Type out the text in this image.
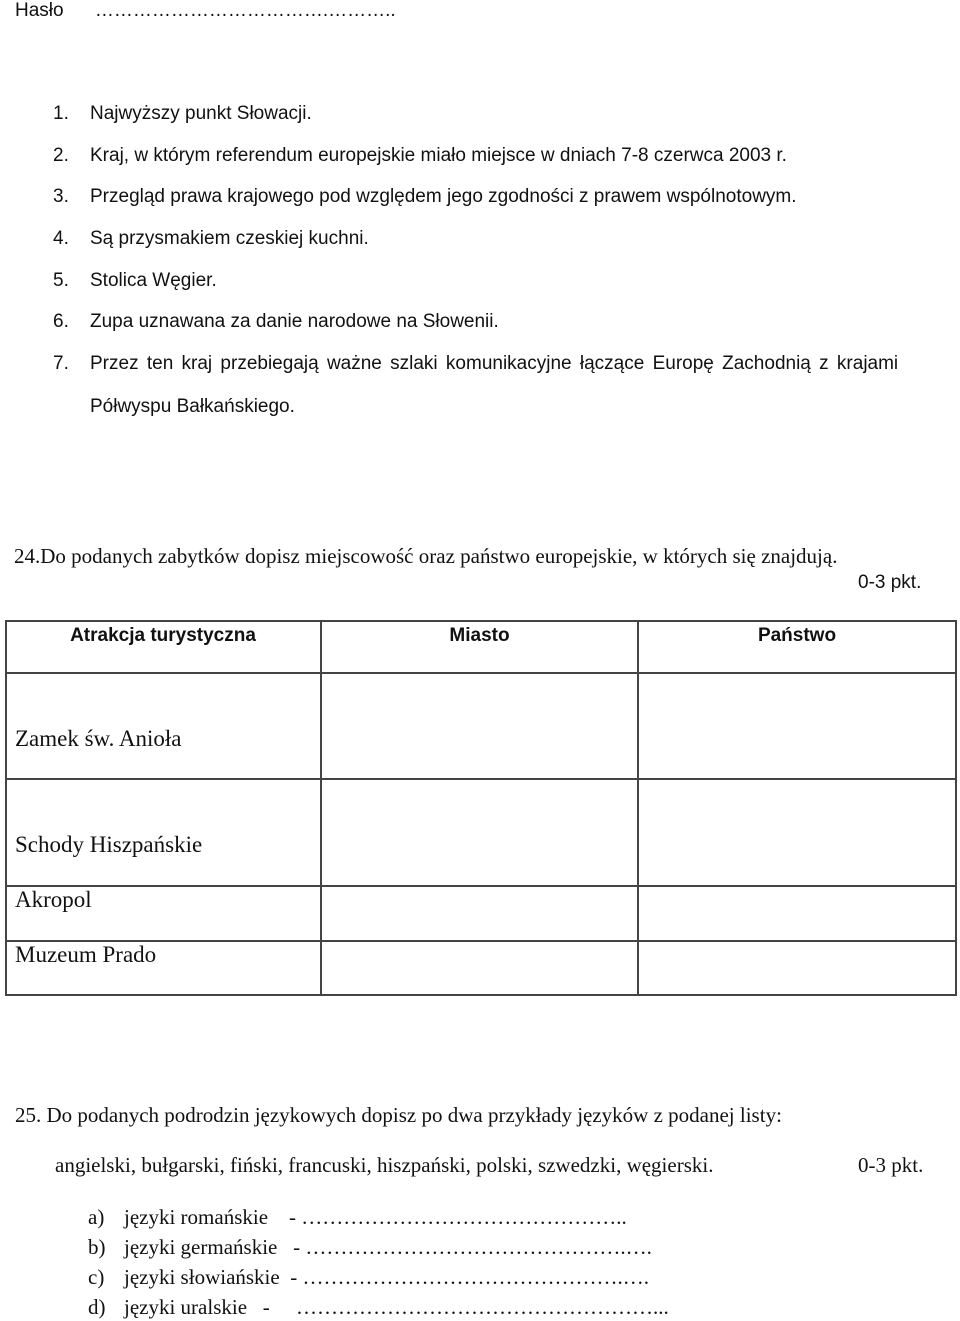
Hasło ……………………………….………..
1.	Najwyższy punkt Słowacji.
2.	Kraj, w którym referendum europejskie miało miejsce w dniach 7-8 czerwca 2003 r.
3.	Przegląd prawa krajowego pod względem jego zgodności z prawem wspólnotowym.
4.	Są przysmakiem czeskiej kuchni.
5.	Stolica Węgier.
6.	Zupa uznawana za danie narodowe na Słowenii.
7.	Przez ten kraj przebiegają ważne szlaki komunikacyjne łączące Europę Zachodnią z krajami
Półwyspu Bałkańskiego.
24.Do podanych zabytków dopisz miejscowość oraz państwo europejskie, w których się znajdują.
0-3 pkt.
Atrakcja turystyczna	Miasto	Państwo
Zamek św. Anioła
Schody Hiszpańskie
Akropol
Muzeum Prado
25. Do podanych podrodzin językowych dopisz po dwa przykłady języków z podanej listy:
angielski, bułgarski, fiński, francuski, hiszpański, polski, szwedzki, węgierski.	0-3 pkt.
a) języki romańskie    - ………………………………………..
b) języki germańskie   - ……………………………………….….
c) języki słowiańskie  - ……………………………………….….
d) języki uralskie   -     ……………………………………………...
